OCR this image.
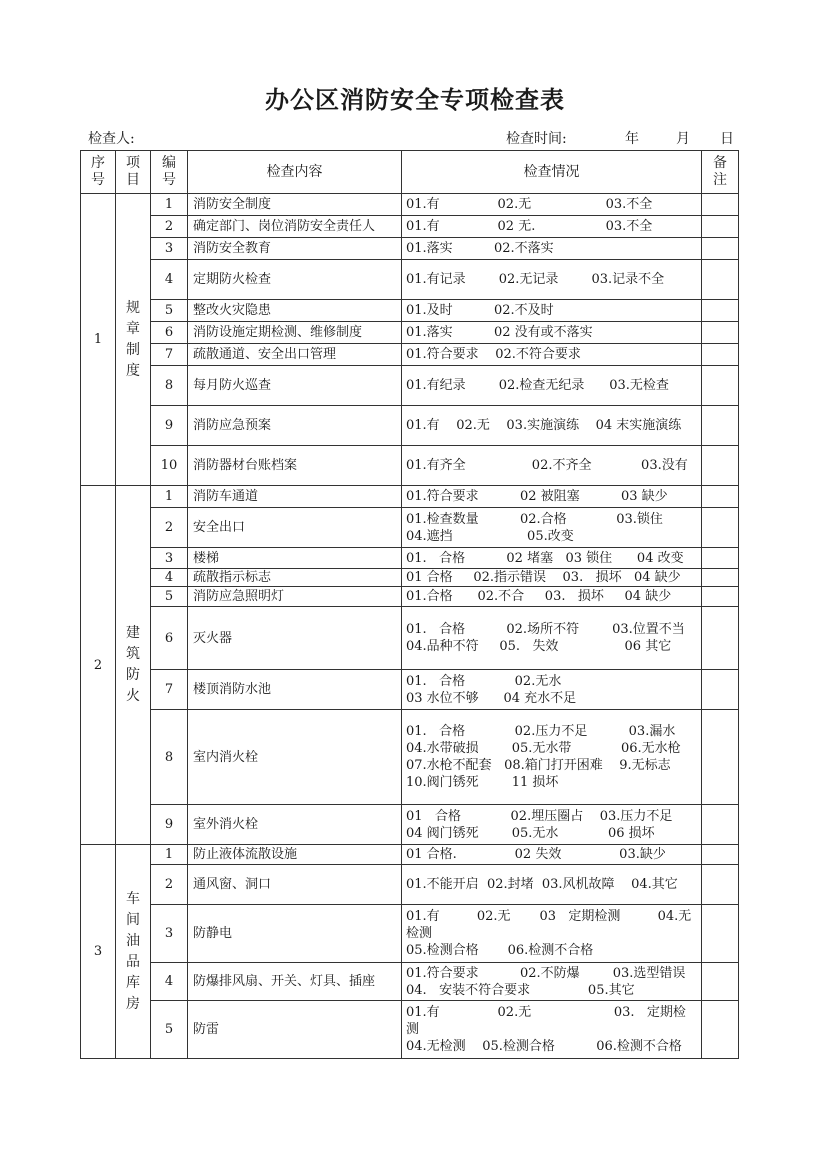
办公区消防安全专项检查表
检查人:	检查时间:	年	月 日
序号	项目	编号	检查内容	检查情况	备注
1	规章制度	1	消防安全制度	01.有              02.无                  03.不全	
		2	确定部门、岗位消防安全责任人	01.有              02 无.                 03.不全	
		3	消防安全教育	01.落实          02.不落实	
		4	定期防火检查	01.有记录        02.无记录        03.记录不全	
		5	整改火灾隐患	01.及时          02.不及时	
		6	消防设施定期检测、维修制度	01.落实          02 没有或不落实	
		7	疏散通道、安全出口管理	01.符合要求    02.不符合要求	
		8	每月防火巡查	01.有纪录        02.检查无纪录      03.无检查	
		9	消防应急预案	01.有    02.无    03.实施演练    04 末实施演练	
		10	消防器材台账档案	01.有齐全                02.不齐全            03.没有	
2	建筑防火	1	消防车通道	01.符合要求          02 被阻塞          03 缺少	
		2	安全出口	01.检查数量          02.合格            03.锁住
04.遮挡                  05.改变	
		3	楼梯	01.   合格          02 堵塞   03 锁住      04 改变	
		4	疏散指示标志	01 合格     02.指示错误    03.   损坏   04 缺少	
		5	消防应急照明灯	01.合格      02.不合     03.   损坏     04 缺少	
		6	灭火器	01.   合格          02.场所不符        03.位置不当
04.品种不符     05.   失效                06 其它	
		7	楼顶消防水池	01.   合格            02.无水
03 水位不够      04 充水不足	
		8	室内消火栓	01.   合格            02.压力不足          03.漏水
04.水带破损        05.无水带            06.无水枪              07.水枪不配套   08.箱门打开困难    9.无标志
10.阀门锈死        11 损坏	
		9	室外消火栓	01   合格            02.埋压圈占    03.压力不足
04 阀门锈死        05.无水            06 损坏	
3	车间油品库房	1	防止液体流散设施	01 合格.              02 失效              03.缺少	
		2	通风窗、洞口	01.不能开启  02.封堵  03.风机故障    04.其它	
		3	防静电	01.有         02.无       03   定期检测         04.无检测
05.检测合格       06.检测不合格	
		4	防爆排风扇、开关、灯具、插座	01.符合要求          02.不防爆        03.选型错误
04.   安装不符合要求              05.其它	
		5	防雷	01.有              02.无                    03.   定期检测
04.无检测    05.检测合格          06.检测不合格	
